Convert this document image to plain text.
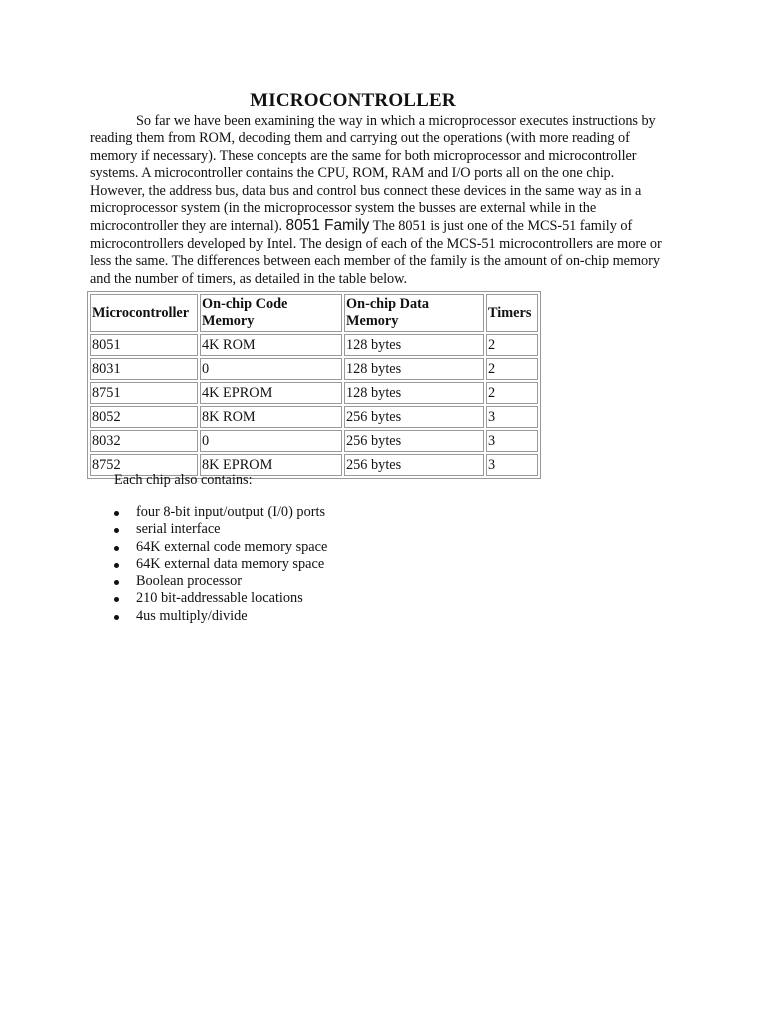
MICROCONTROLLER

So far we have been examining the way in which a microprocessor executes instructions by reading them from ROM, decoding them and carrying out the operations (with more reading of memory if necessary). These concepts are the same for both microprocessor and microcontroller systems. A microcontroller contains the CPU, ROM, RAM and I/O ports all on the one chip. However, the address bus, data bus and control bus connect these devices in the same way as in a microprocessor system (in the microprocessor system the busses are external while in the microcontroller they are internal). 8051 Family The 8051 is just one of the MCS-51 family of microcontrollers developed by Intel. The design of each of the MCS-51 microcontrollers are more or less the same. The differences between each member of the family is the amount of on-chip memory and the number of timers, as detailed in the table below.

Microcontroller	On-chip Code Memory	On-chip Data Memory	Timers
8051	4K ROM	128 bytes	2
8031	0	128 bytes	2
8751	4K EPROM	128 bytes	2
8052	8K ROM	256 bytes	3
8032	0	256 bytes	3
8752	8K EPROM	256 bytes	3
Each chip also contains:
four 8-bit input/output (I/0) ports
serial interface
64K external code memory space
64K external data memory space
Boolean processor
210 bit-addressable locations
4us multiply/divide
